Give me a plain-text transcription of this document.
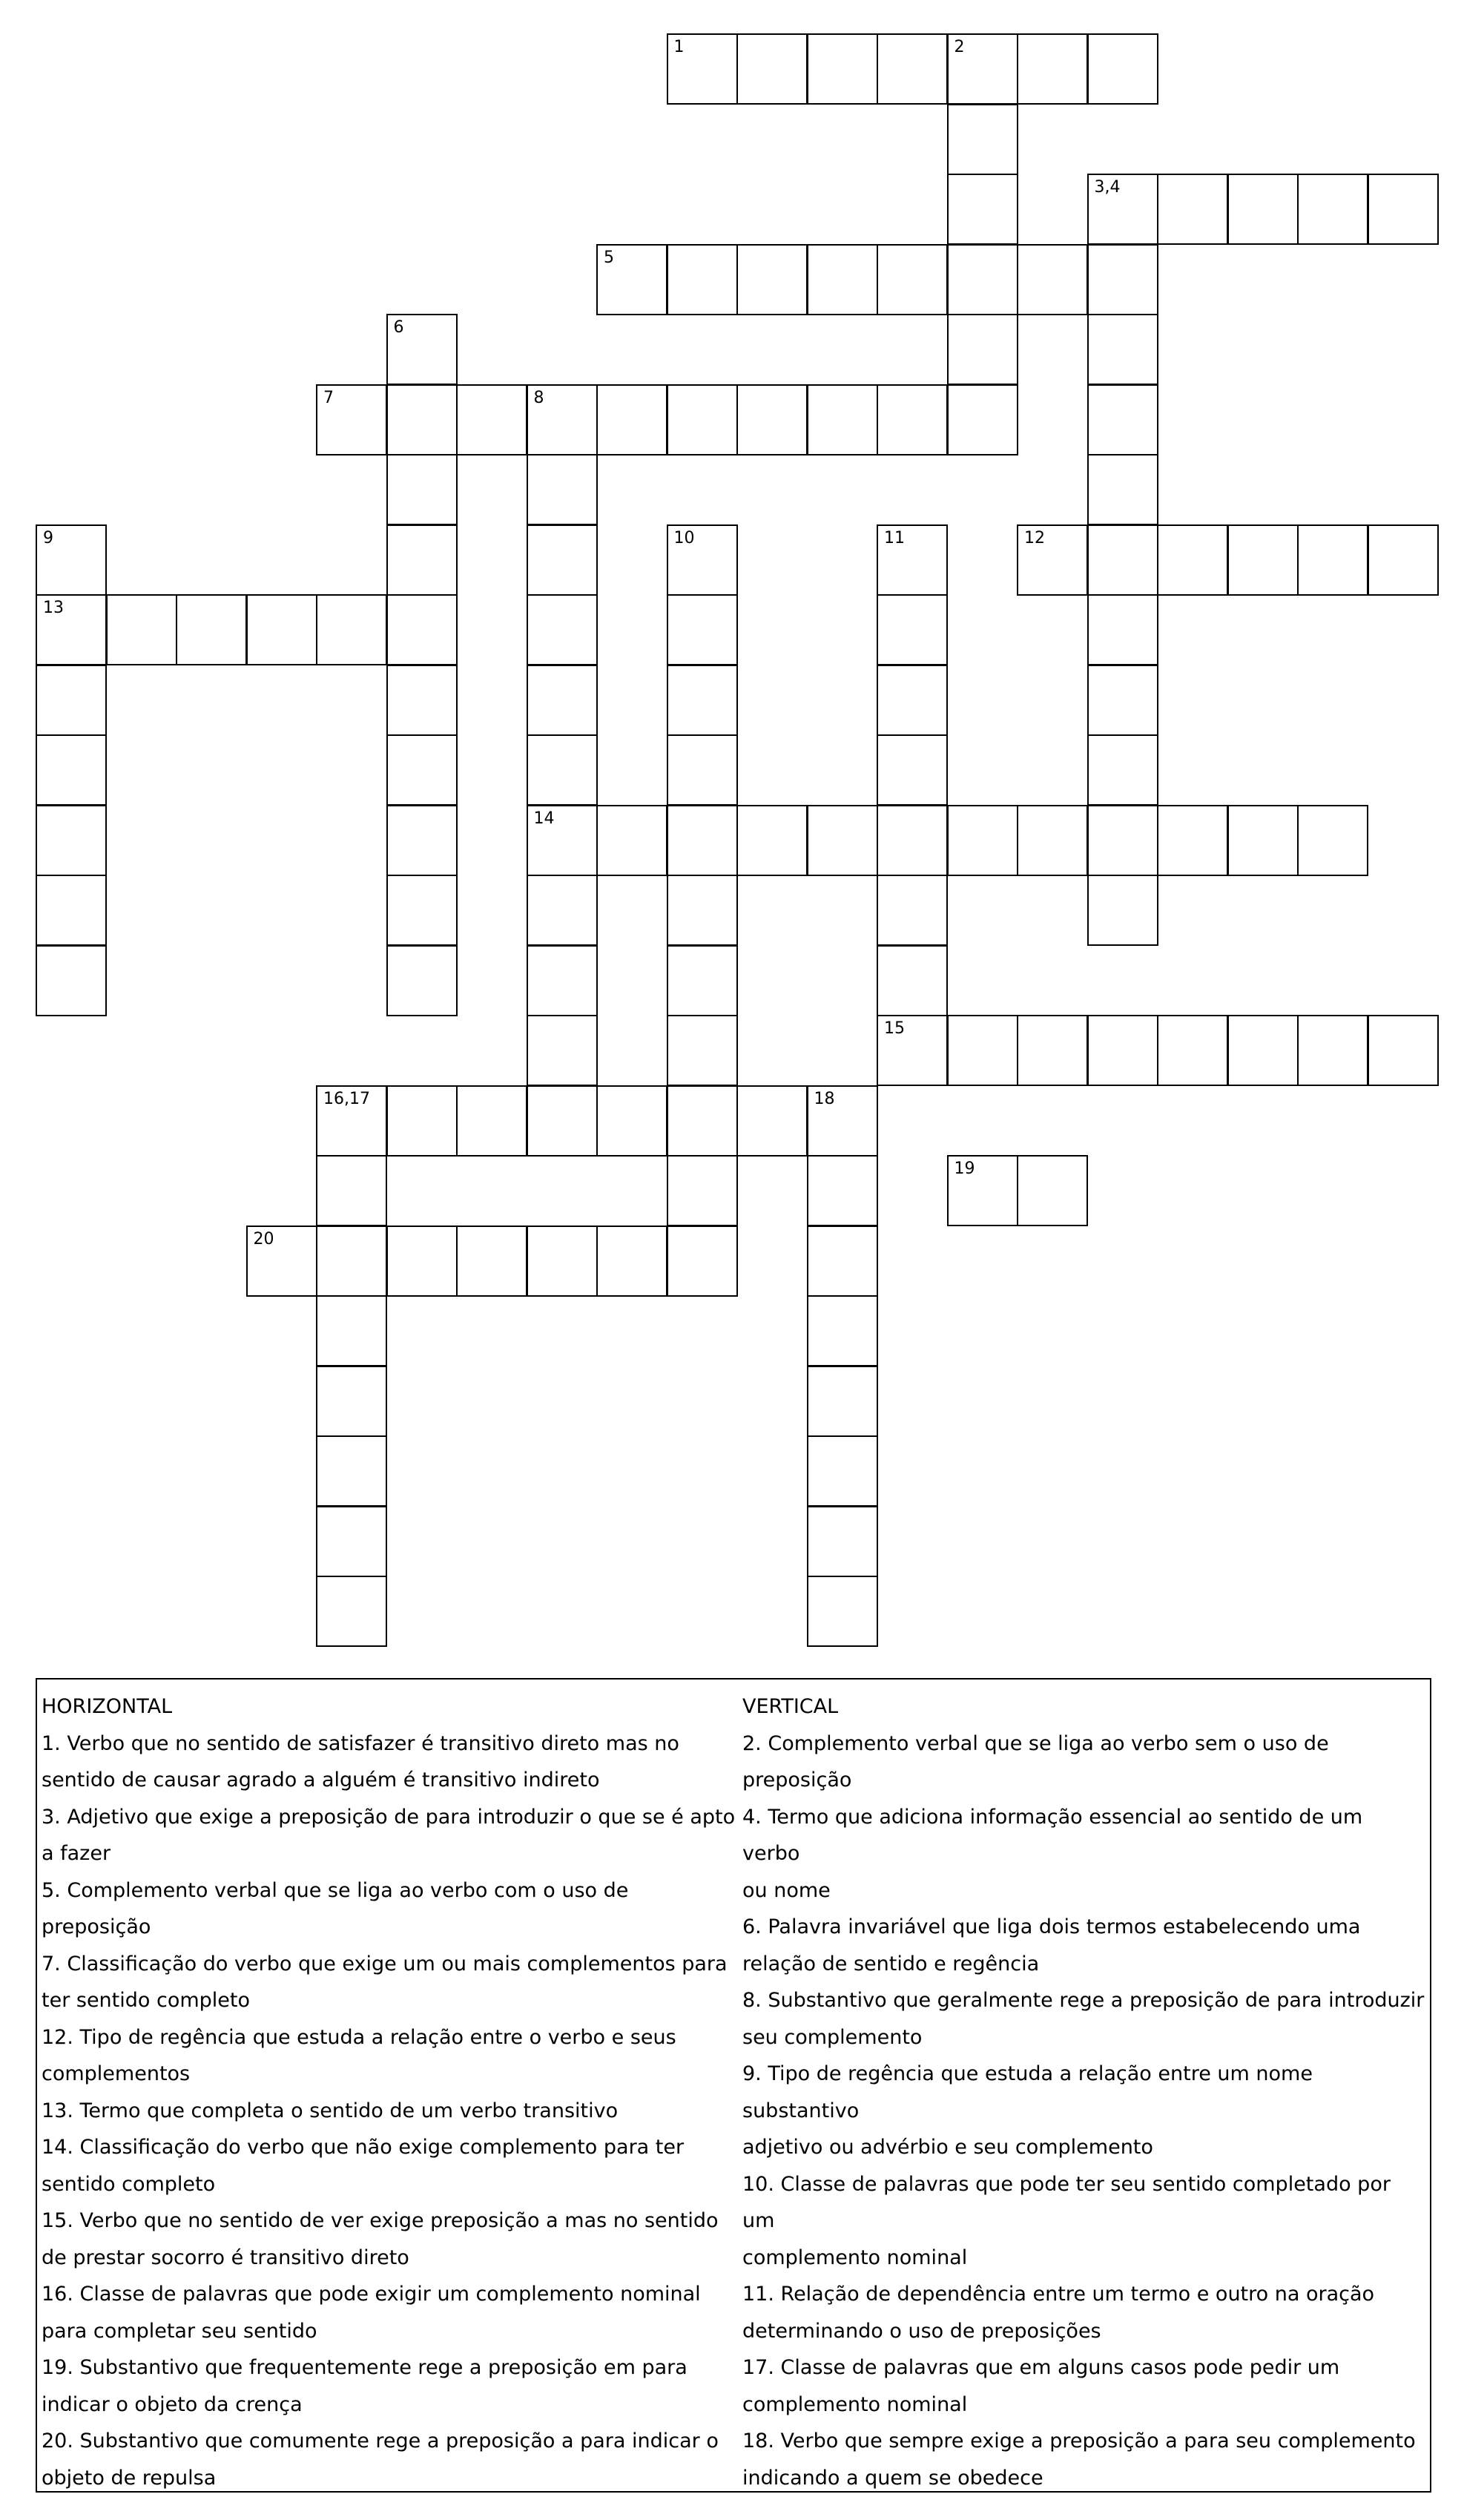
1	2
3,4
5
6
7	8
9	10	11	12
13
14
15
16,17	18
19
20

HORIZONTAL

1. Verbo que no sentido de satisfazer é transitivo direto mas no

sentido de causar agrado a alguém é transitivo indireto

3. Adjetivo que exige a preposição de para introduzir o que se é apto

a fazer

5. Complemento verbal que se liga ao verbo com o uso de preposição

7. Classificação do verbo que exige um ou mais complementos para

ter sentido completo

12. Tipo de regência que estuda a relação entre o verbo e seus

complementos

13. Termo que completa o sentido de um verbo transitivo

14. Classificação do verbo que não exige complemento para ter

sentido completo

15. Verbo que no sentido de ver exige preposição a mas no sentido

de prestar socorro é transitivo direto

16. Classe de palavras que pode exigir um complemento nominal

para completar seu sentido

19. Substantivo que frequentemente rege a preposição em para

indicar o objeto da crença

20. Substantivo que comumente rege a preposição a para indicar o

objeto de repulsa

VERTICAL

2. Complemento verbal que se liga ao verbo sem o uso de preposição

4. Termo que adiciona informação essencial ao sentido de um verbo

ou nome

6. Palavra invariável que liga dois termos estabelecendo uma

relação de sentido e regência

8. Substantivo que geralmente rege a preposição de para introduzir

seu complemento

9. Tipo de regência que estuda a relação entre um nome substantivo

adjetivo ou advérbio e seu complemento

10. Classe de palavras que pode ter seu sentido completado por um

complemento nominal

11. Relação de dependência entre um termo e outro na oração

determinando o uso de preposições

17. Classe de palavras que em alguns casos pode pedir um

complemento nominal

18. Verbo que sempre exige a preposição a para seu complemento

indicando a quem se obedece
